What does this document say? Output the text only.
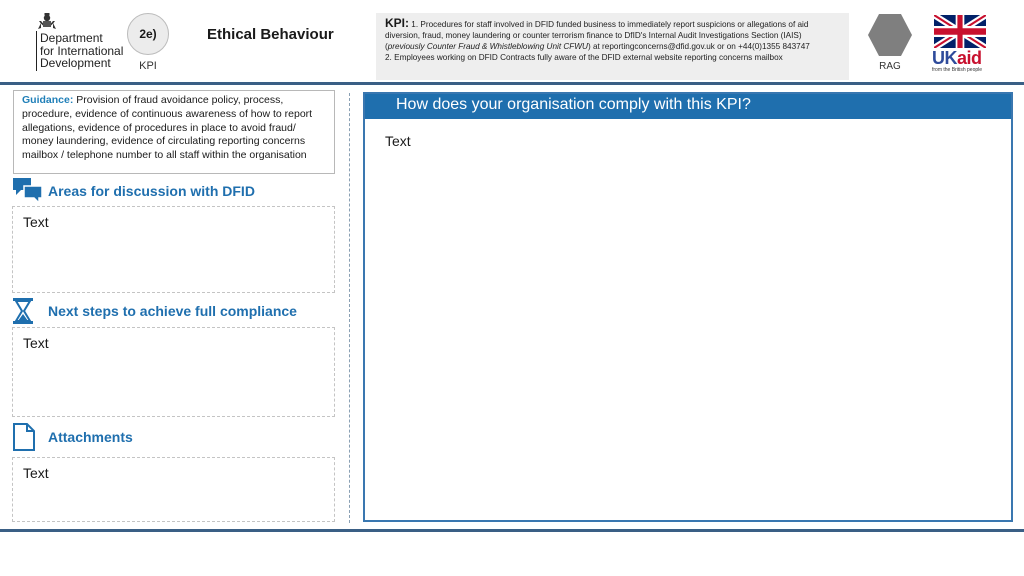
Department
for International
Development
2e)
KPI
Ethical Behaviour
KPI: 1. Procedures for staff involved in DFID funded business to immediately report suspicions or allegations of aid diversion, fraud, money laundering or counter terrorism finance to DfID's Internal Audit Investigations Section (IAIS) (previously Counter Fraud & Whistleblowing Unit CFWU) at reportingconcerns@dfid.gov.uk or on +44(0)1355 843747
2. Employees working on DFID Contracts fully aware of the DFID external website reporting concerns mailbox
RAG	UKaid
from the British people
Guidance: Provision of fraud avoidance policy, process, procedure, evidence of continuous awareness of how to report allegations, evidence of procedures in place to avoid fraud/ money laundering, evidence of circulating reporting concerns mailbox / telephone number to all staff within the organisation
Areas for discussion with DFID
Text
Next steps to achieve full compliance
Text
Attachments
Text
How does your organisation comply with this KPI?
Text
